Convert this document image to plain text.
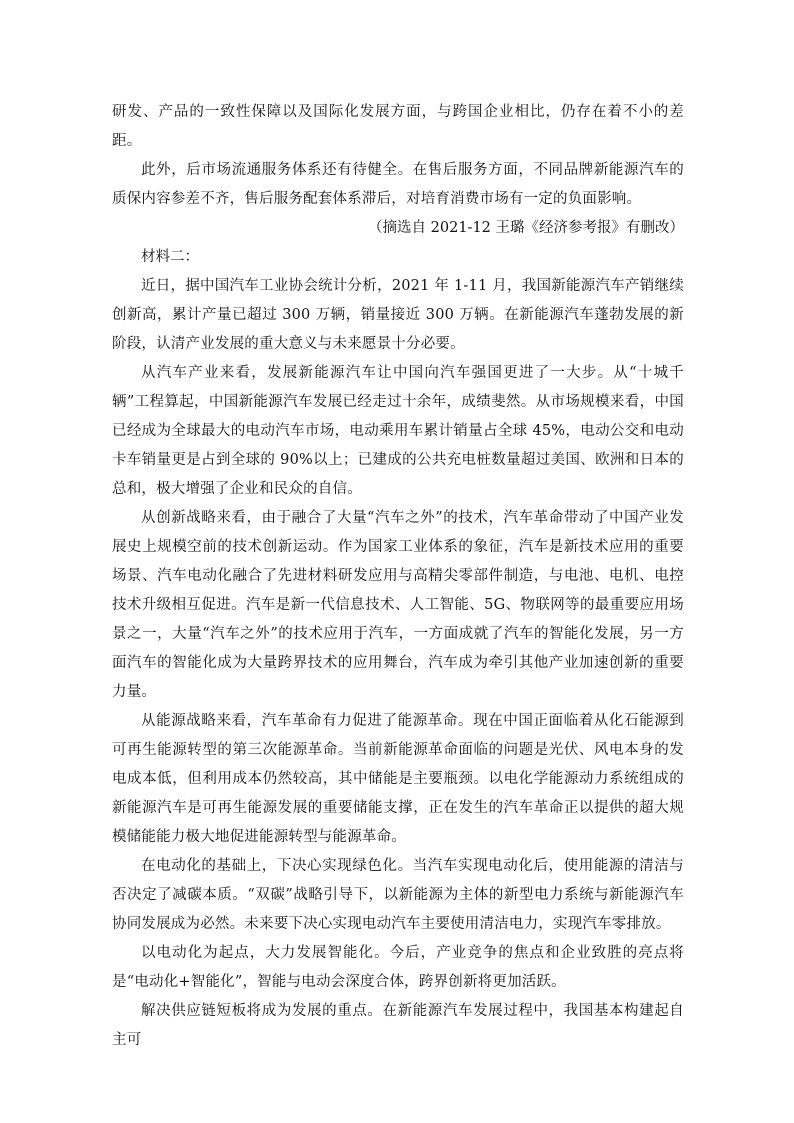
研发、产品的一致性保障以及国际化发展方面，与跨国企业相比，仍存在着不小的差距。

此外，后市场流通服务体系还有待健全。在售后服务方面，不同品牌新能源汽车的质保内容参差不齐，售后服务配套体系滞后，对培育消费市场有一定的负面影响。

（摘选自 2021-12 王璐《经济参考报》有删改）

材料二：

近日，据中国汽车工业协会统计分析，2021 年 1-11 月，我国新能源汽车产销继续创新高，累计产量已超过 300 万辆，销量接近 300 万辆。在新能源汽车蓬勃发展的新阶段，认清产业发展的重大意义与未来愿景十分必要。

从汽车产业来看，发展新能源汽车让中国向汽车强国更进了一大步。从“十城千辆”工程算起，中国新能源汽车发展已经走过十余年，成绩斐然。从市场规模来看，中国已经成为全球最大的电动汽车市场，电动乘用车累计销量占全球 45%，电动公交和电动卡车销量更是占到全球的 90%以上；已建成的公共充电桩数量超过美国、欧洲和日本的总和，极大增强了企业和民众的自信。

从创新战略来看，由于融合了大量“汽车之外”的技术，汽车革命带动了中国产业发展史上规模空前的技术创新运动。作为国家工业体系的象征，汽车是新技术应用的重要场景、汽车电动化融合了先进材料研发应用与高精尖零部件制造，与电池、电机、电控技术升级相互促进。汽车是新一代信息技术、人工智能、5G、物联网等的最重要应用场景之一，大量“汽车之外”的技术应用于汽车，一方面成就了汽车的智能化发展，另一方面汽车的智能化成为大量跨界技术的应用舞台，汽车成为牵引其他产业加速创新的重要力量。

从能源战略来看，汽车革命有力促进了能源革命。现在中国正面临着从化石能源到可再生能源转型的第三次能源革命。当前新能源革命面临的问题是光伏、风电本身的发电成本低，但利用成本仍然较高，其中储能是主要瓶颈。以电化学能源动力系统组成的新能源汽车是可再生能源发展的重要储能支撑，正在发生的汽车革命正以提供的超大规模储能能力极大地促进能源转型与能源革命。

在电动化的基础上，下决心实现绿色化。当汽车实现电动化后，使用能源的清洁与否决定了减碳本质。“双碳”战略引导下，以新能源为主体的新型电力系统与新能源汽车协同发展成为必然。未来要下决心实现电动汽车主要使用清洁电力，实现汽车零排放。

以电动化为起点，大力发展智能化。今后，产业竞争的焦点和企业致胜的亮点将是“电动化+智能化”，智能与电动会深度合体，跨界创新将更加活跃。

解决供应链短板将成为发展的重点。在新能源汽车发展过程中，我国基本构建起自主可
